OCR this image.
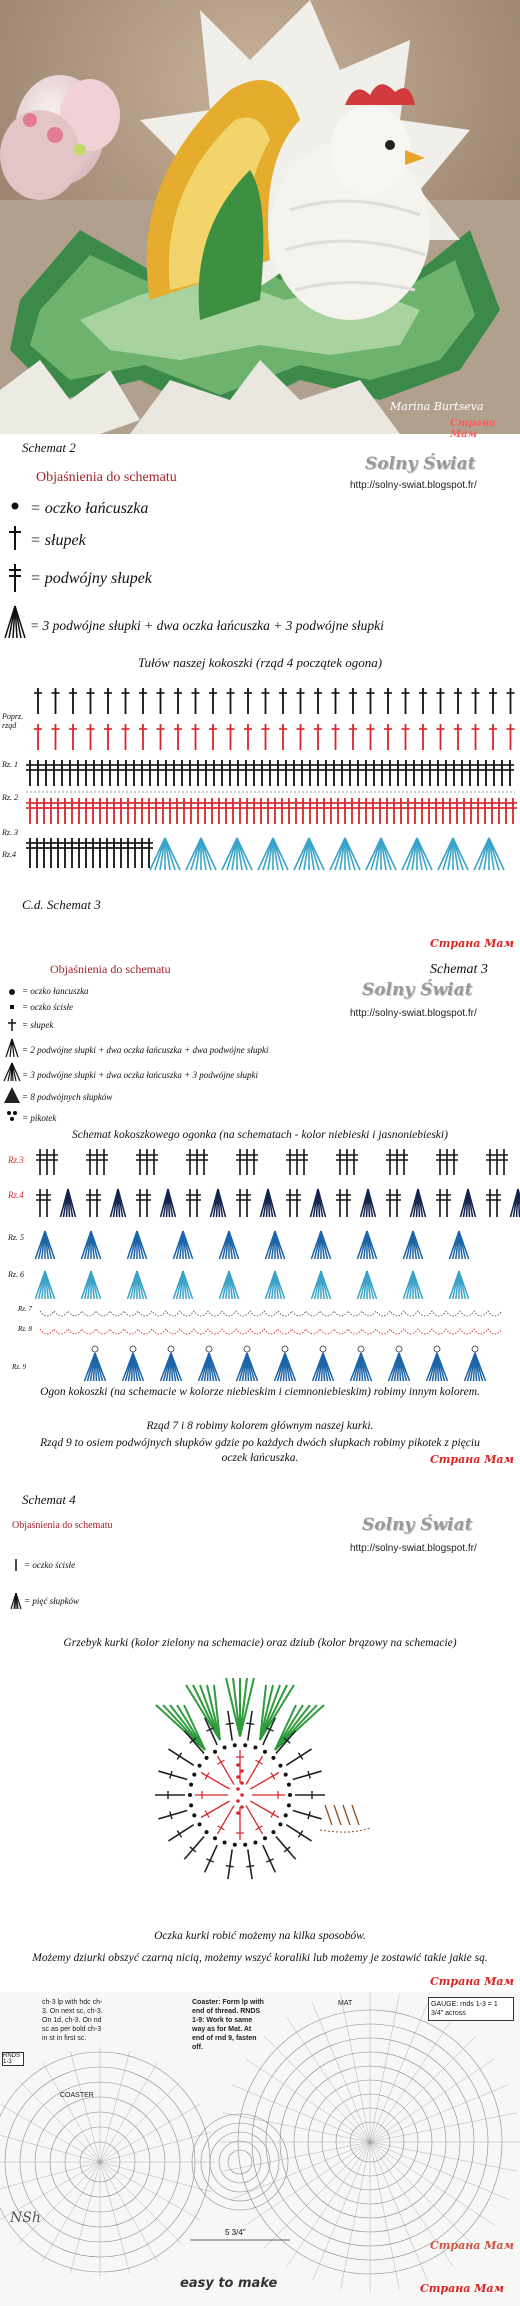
Marina Burtseva
Страна Мам
Schemat 2
Solny Świat
http://solny-swiat.blogspot.fr/
Objaśnienia do schematu
= oczko łańcuszka
= słupek
= podwójny słupek
= 3 podwójne słupki + dwa oczka łańcuszka + 3 podwójne słupki
Tułów naszej kokoszki (rząd 4 początek ogona)
Poprz. rząd
Rz. 1
Rz. 2
Rz. 3
Rz.4
C.d. Schemat 3
Страна Мам
Objaśnienia do schematu	Schemat 3
Solny Świat
http://solny-swiat.blogspot.fr/
= oczko łancuszka
= oczko ścisłe
= słupek
= 2 podwójne słupki + dwa oczka łańcuszka + dwa podwójne słupki
= 3 podwójne słupki + dwa oczka łańcuszka + 3 podwójne słupki
= 8 podwójnych słupków
= pikotek
Schemat kokoszkowego ogonka (na schematach - kolor niebieski i jasnoniebieski)
Rz.3
Rz.4
Rz. 5
Rz. 6
Rz. 7
Rz. 8
Rz. 9
Ogon kokoszki (na schemacie w kolorze niebieskim i ciemnoniebieskim) robimy innym kolorem.
Rząd 7 i 8 robimy kolorem głównym naszej kurki.
Rząd 9 to osiem podwójnych słupków gdzie po każdych dwóch słupkach robimy pikotek z pięciu oczek łańcuszka.	Страна Мам
Schemat 4
Objaśnienia do schematu	Solny Świat
http://solny-swiat.blogspot.fr/
= oczko ścisłe
= pięć słupków
Grzebyk kurki (kolor zielony na schemacie) oraz dziub (kolor brązowy na schemacie)
Oczka kurki robić możemy na kilka sposobów.
Możemy dziurki obszyć czarną nicią, możemy wszyć koraliki lub możemy je zostawić takie jakie są.
Страна Мам
ch-3 lp with hdc ch-3. On next sc, ch-3. On 1d, ch-3. On nd sc as per bold ch-3 in st in first sc.
Coaster: Form lp with end of thread. RNDS 1-9: Work to same way as for Mat. At end of rnd 9, fasten off.
COASTER
MAT	GAUGE: rnds 1-3 = 1 3/4" across
RNDS 1-3
5 3/4"
NSh
easy to make
Страна Мам
Страна Мам
